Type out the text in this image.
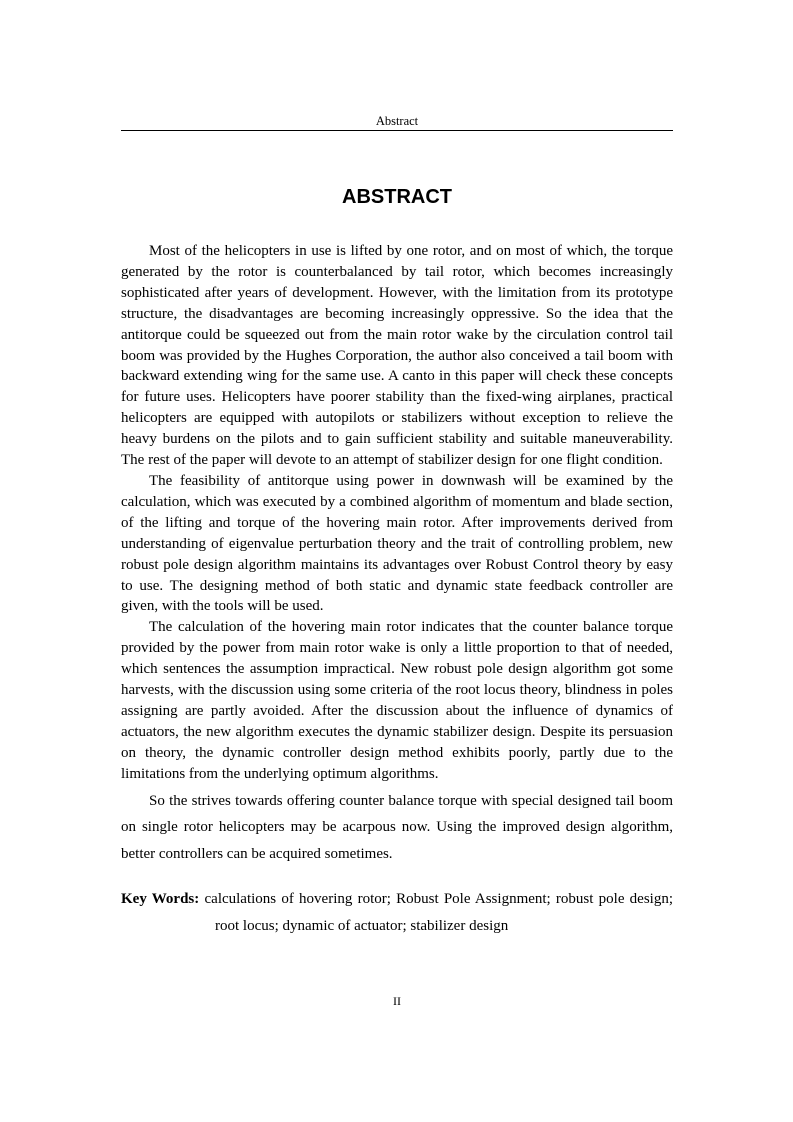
Abstract
ABSTRACT

Most of the helicopters in use is lifted by one rotor, and on most of which, the torque generated by the rotor is counterbalanced by tail rotor, which becomes increasingly sophisticated after years of development. However, with the limitation from its prototype structure, the disadvantages are becoming increasingly oppressive. So the idea that the antitorque could be squeezed out from the main rotor wake by the circulation control tail boom was provided by the Hughes Corporation, the author also conceived a tail boom with backward extending wing for the same use. A canto in this paper will check these concepts for future uses. Helicopters have poorer stability than the fixed-wing airplanes, practical helicopters are equipped with autopilots or stabilizers without exception to relieve the heavy burdens on the pilots and to gain sufficient stability and suitable maneuverability. The rest of the paper will devote to an attempt of stabilizer design for one flight condition.

The feasibility of antitorque using power in downwash will be examined by the calculation, which was executed by a combined algorithm of momentum and blade section, of the lifting and torque of the hovering main rotor. After improvements derived from understanding of eigenvalue perturbation theory and the trait of controlling problem, new robust pole design algorithm maintains its advantages over Robust Control theory by easy to use. The designing method of both static and dynamic state feedback controller are given, with the tools will be used.

The calculation of the hovering main rotor indicates that the counter balance torque provided by the power from main rotor wake is only a little proportion to that of needed, which sentences the assumption impractical. New robust pole design algorithm got some harvests, with the discussion using some criteria of the root locus theory, blindness in poles assigning are partly avoided. After the discussion about the influence of dynamics of actuators, the new algorithm executes the dynamic stabilizer design. Despite its persuasion on theory, the dynamic controller design method exhibits poorly, partly due to the limitations from the underlying optimum algorithms.

So the strives towards offering counter balance torque with special designed tail boom on single rotor helicopters may be acarpous now. Using the improved design algorithm, better controllers can be acquired sometimes.

Key Words: calculations of hovering rotor; Robust Pole Assignment; robust pole design; root locus; dynamic of actuator; stabilizer design
II
